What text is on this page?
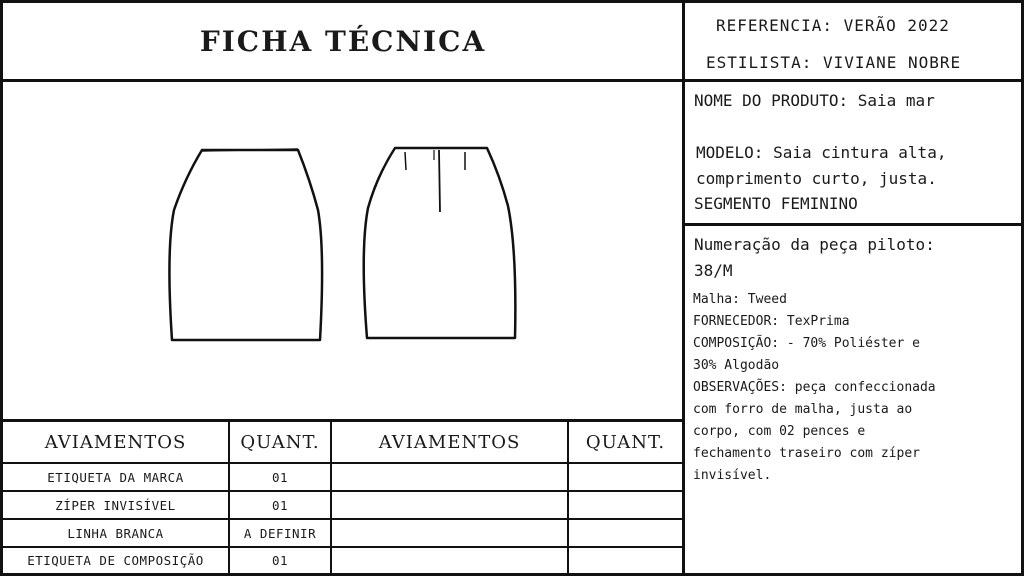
FICHA TÉCNICA	REFERENCIA: VERÃO 2022
ESTILISTA: VIVIANE NOBRE
NOME DO PRODUTO: Saia mar
MODELO: Saia cintura alta,
comprimento curto, justa.
SEGMENTO FEMININO
Numeração da peça piloto:
38/M
Malha: Tweed
FORNECEDOR: TexPrima
COMPOSIÇÃO: - 70% Poliéster e
30% Algodão
OBSERVAÇÕES: peça confeccionada
com forro de malha, justa ao
corpo, com 02 pences e
fechamento traseiro com zíper
invisível.
AVIAMENTOS	QUANT.	AVIAMENTOS	QUANT.
ETIQUETA DA MARCA	01
ZÍPER INVISÍVEL	01
LINHA BRANCA	A DEFINIR
ETIQUETA DE COMPOSIÇÃO	01
